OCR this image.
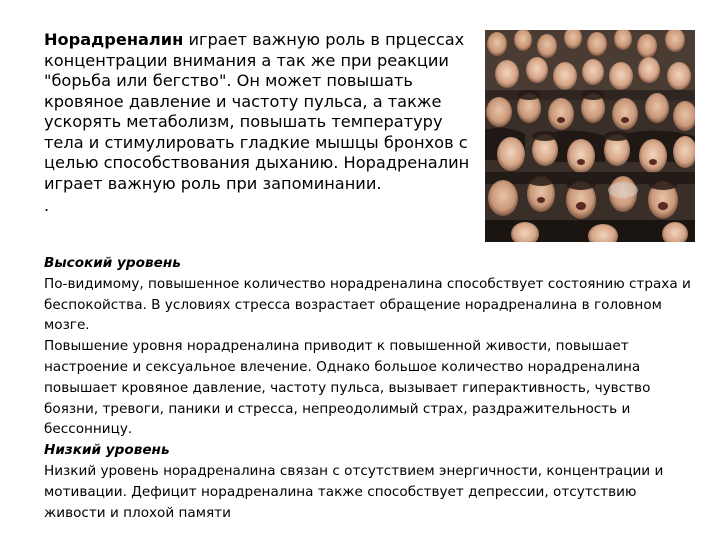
Норадреналин играет важную роль в прцессах концентрации внимания а так же при реакции "борьба или бегство". Он может повышать кровяное давление и частоту пульса, а также ускорять метаболизм, повышать температуру тела и стимулировать гладкие мышцы бронхов с целью способствования дыханию. Норадреналин играет важную роль при запоминании.
.

Высокий уровень

По-видимому, повышенное количество норадреналина способствует состоянию страха и беспокойства. В условиях стресса возрастает обращение норадреналина в головном мозге.

Повышение уровня норадреналина приводит к повышенной живости, повышает настроение и сексуальное влечение. Однако большое количество норадреналина повышает кровяное давление, частоту пульса, вызывает гиперактивность, чувство боязни, тревоги, паники и стресса, непреодолимый страх, раздражительность и бессонницу.

Низкий уровень

Низкий уровень норадреналина связан с отсутствием энергичности, концентрации и мотивации. Дефицит норадреналина также способствует депрессии, отсутствию живости и плохой памяти
